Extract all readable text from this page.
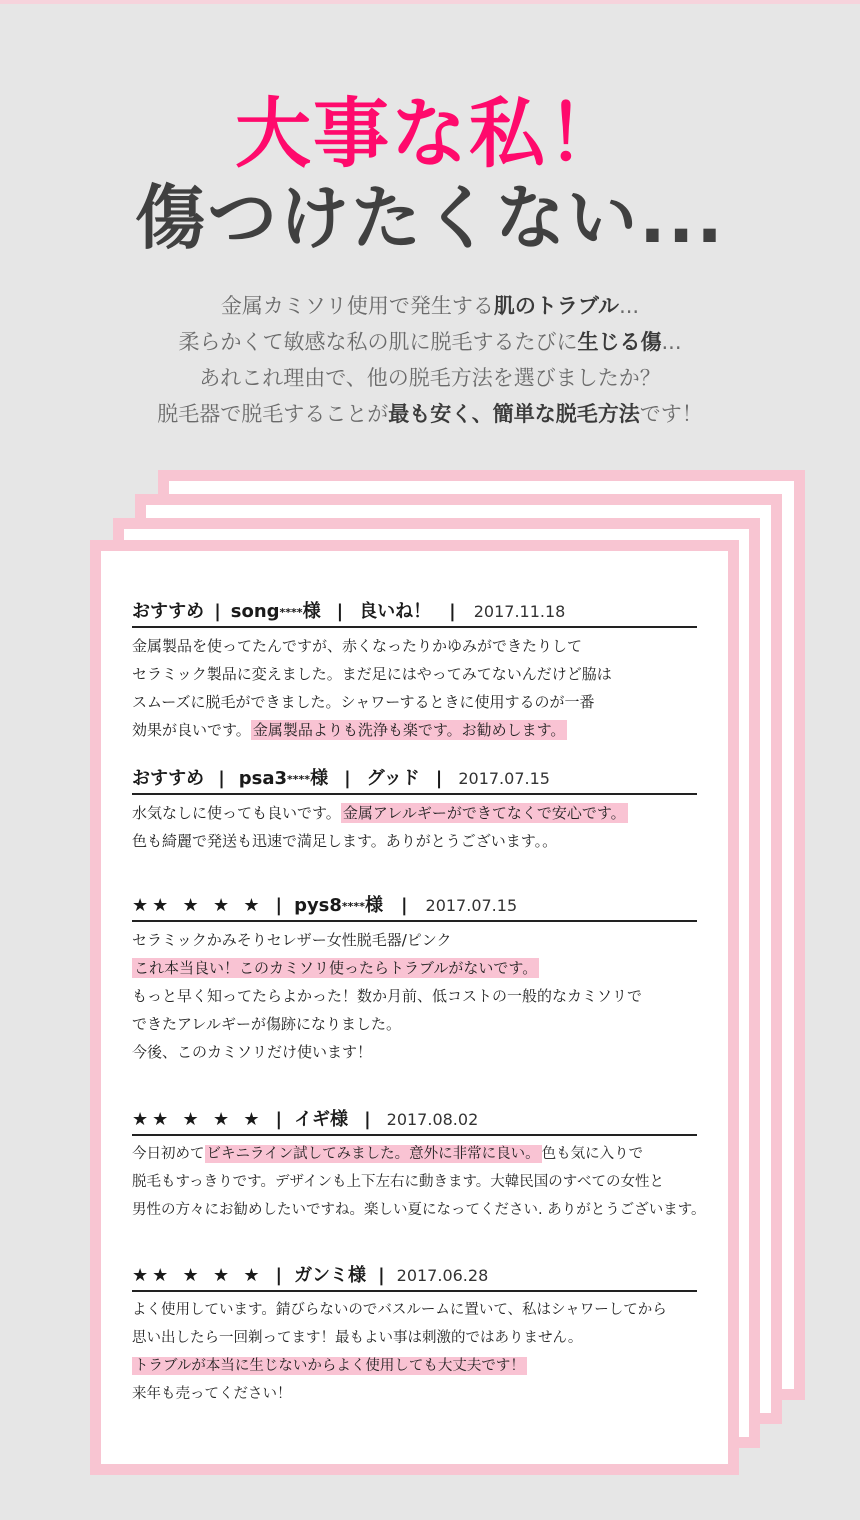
大事な私！
傷つけたくない...
金属カミソリ使用で発生する肌のトラブル...
柔らかくて敏感な私の肌に脱毛するたびに生じる傷...
あれこれ理由で、他の脱毛方法を選びましたか？
脱毛器で脱毛することが最も安く、簡単な脱毛方法です！
おすすめ | song****様 | 良いね！ | 2017.11.18
金属製品を使ってたんですが、赤くなったりかゆみができたりして
セラミック製品に変えました。まだ足にはやってみてないんだけど脇は
スムーズに脱毛ができました。シャワーするときに使用するのが一番
効果が良いです。 金属製品よりも洗浄も楽です。お勧めします。
おすすめ | psa3****様 | グッド | 2017.07.15
水気なしに使っても良いです。 金属アレルギーができてなくで安心です。
色も綺麗で発送も迅速で満足します。ありがとうございます。。
★★ ★ ★ ★ | pys8****様 | 2017.07.15
セラミックかみそりセレザー女性脱毛器/ピンク
これ本当良い！このカミソリ使ったらトラブルがないです。
もっと早く知ってたらよかった！数か月前、低コストの一般的なカミソリで
できたアレルギーが傷跡になりました。
今後、このカミソリだけ使います！
★★ ★ ★ ★ | イギ様 | 2017.08.02
今日初めて ビキニライン試してみました。意外に非常に良い。 色も気に入りで
脱毛もすっきりです。デザインも上下左右に動きます。大韓民国のすべての女性と
男性の方々にお勧めしたいですね。楽しい夏になってください. ありがとうございます。
★★ ★ ★ ★ | ガンミ様 | 2017.06.28
よく使用しています。錆びらないのでバスルームに置いて、私はシャワーしてから
思い出したら一回剃ってます！最もよい事は刺激的ではありません。
トラブルが本当に生じないからよく使用しても大丈夫です！
来年も売ってください！
